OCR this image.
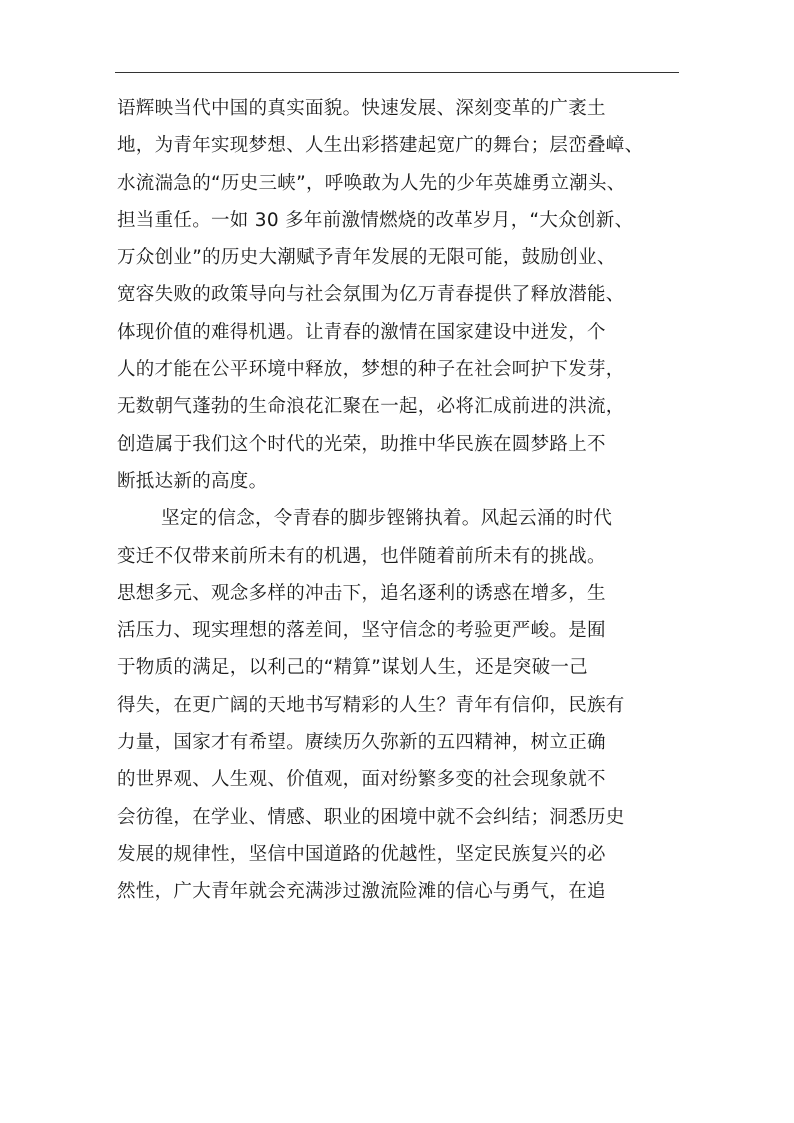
语辉映当代中国的真实面貌。快速发展、深刻变革的广袤土
地，为青年实现梦想、人生出彩搭建起宽广的舞台；层峦叠嶂、
水流湍急的“历史三峡”，呼唤敢为人先的少年英雄勇立潮头、
担当重任。一如 30 多年前激情燃烧的改革岁月，“大众创新、
万众创业”的历史大潮赋予青年发展的无限可能，鼓励创业、
宽容失败的政策导向与社会氛围为亿万青春提供了释放潜能、
体现价值的难得机遇。让青春的激情在国家建设中迸发，个
人的才能在公平环境中释放，梦想的种子在社会呵护下发芽，
无数朝气蓬勃的生命浪花汇聚在一起，必将汇成前进的洪流，
创造属于我们这个时代的光荣，助推中华民族在圆梦路上不
断抵达新的高度。
坚定的信念，令青春的脚步铿锵执着。风起云涌的时代
变迁不仅带来前所未有的机遇，也伴随着前所未有的挑战。
思想多元、观念多样的冲击下，追名逐利的诱惑在增多，生
活压力、现实理想的落差间，坚守信念的考验更严峻。是囿
于物质的满足，以利己的“精算”谋划人生，还是突破一己
得失，在更广阔的天地书写精彩的人生？青年有信仰，民族有
力量，国家才有希望。赓续历久弥新的五四精神，树立正确
的世界观、人生观、价值观，面对纷繁多变的社会现象就不
会彷徨，在学业、情感、职业的困境中就不会纠结；洞悉历史
发展的规律性，坚信中国道路的优越性，坚定民族复兴的必
然性，广大青年就会充满涉过激流险滩的信心与勇气，在追
